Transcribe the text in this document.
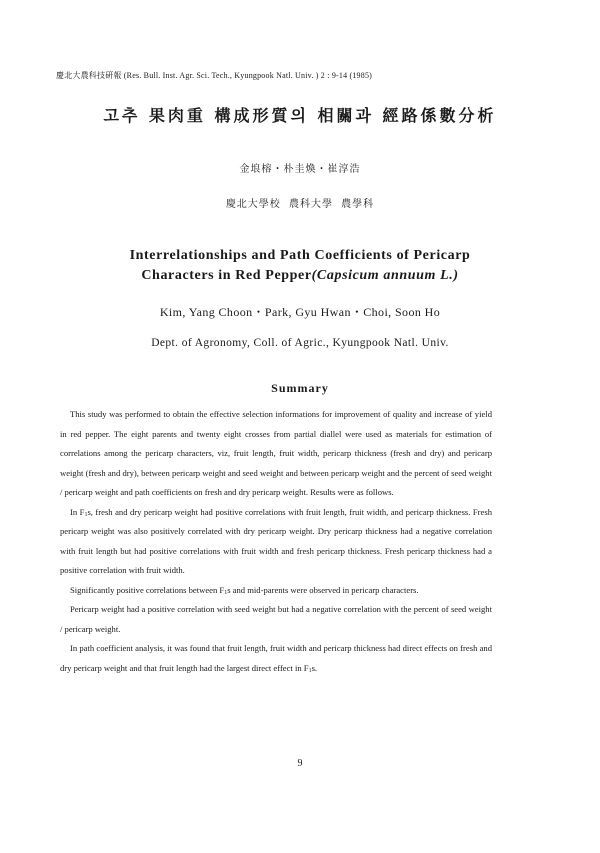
慶北大農科技硏報 (Res. Bull. Inst. Agr. Sci. Tech., Kyungpook Natl. Univ. ) 2 : 9-14 (1985)
고추 果肉重 構成形質의 相關과 經路係數分析
金埌榕・朴圭煥・崔淳浩
慶北大學校 農科大學 農學科
Interrelationships and Path Coefficients of Pericarp
Characters in Red Pepper(Capsicum annuum L.)
Kim, Yang Choon・Park, Gyu Hwan・Choi, Soon Ho
Dept. of Agronomy, Coll. of Agric., Kyungpook Natl. Univ.
Summary

This study was performed to obtain the effective selection informations for improvement of quality and increase of yield in red pepper. The eight parents and twenty eight crosses from partial diallel were used as materials for estimation of correlations among the pericarp characters, viz, fruit length, fruit width, pericarp thickness (fresh and dry) and pericarp weight (fresh and dry), between pericarp weight and seed weight and between pericarp weight and the percent of seed weight / pericarp weight and path coefficients on fresh and dry pericarp weight. Results were as follows.

In $F_1s$, fresh and dry pericarp weight had positive correlations with fruit length, fruit width, and pericarp thickness. Fresh pericarp weight was also positively correlated with dry pericarp weight. Dry pericarp thickness had a negative correlation with fruit length but had positive correlations with fruit width and fresh pericarp thickness. Fresh pericarp thickness had a positive correlation with fruit width.

Significantly positive correlations between $F_1s$ and mid-parents were observed in pericarp characters.

Pericarp weight had a positive correlation with seed weight but had a negative correlation with the percent of seed weight / pericarp weight.

In path coefficient analysis, it was found that fruit length, fruit width and pericarp thickness had direct effects on fresh and dry pericarp weight and that fruit length had the largest direct effect in $F_1s$.

9
